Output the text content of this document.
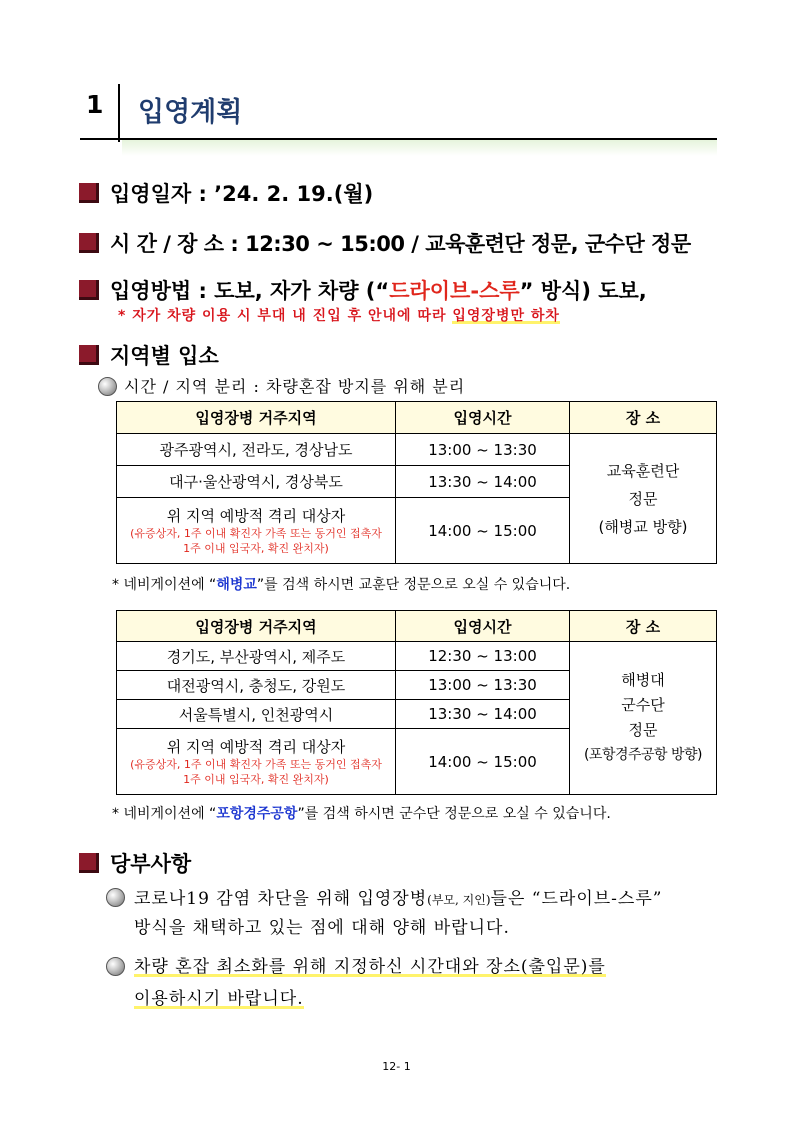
1	입영계획
입영일자 : ’24. 2. 19.(월)
시 간 / 장 소 : 12:30 ~ 15:00 / 교육훈련단 정문, 군수단 정문
입영방법 : 도보, 자가 차량 (“드라이브-스루” 방식) 도보,
* 자가 차량 이용 시 부대 내 진입 후 안내에 따라 입영장병만 하차
지역별 입소
시간 / 지역 분리 : 차량혼잡 방지를 위해 분리
입영장병 거주지역	입영시간	장 소
광주광역시, 전라도, 경상남도	13:00 ~ 13:30	교육훈련단
정문
(해병교 방향)

대구·울산광역시, 경상북도	13:30 ~ 14:00	

위 지역 예방적 격리 대상자
(유증상자, 1주 이내 확진자 가족 또는 동거인 접촉자
1주 이내 입국자, 확진 완치자)	14:00 ~ 15:00	
* 네비게이션에 “해병교”를 검색 하시면 교훈단 정문으로 오실 수 있습니다.
입영장병 거주지역	입영시간	장 소
경기도, 부산광역시, 제주도	12:30 ~ 13:00	해병대
군수단
정문
(포항경주공항 방향)

대전광역시, 충청도, 강원도	13:00 ~ 13:30	
서울특별시, 인천광역시	13:30 ~ 14:00	

위 지역 예방적 격리 대상자
(유증상자, 1주 이내 확진자 가족 또는 동거인 접촉자
1주 이내 입국자, 확진 완치자)	14:00 ~ 15:00	
* 네비게이션에 “포항경주공항”를 검색 하시면 군수단 정문으로 오실 수 있습니다.
당부사항
코로나19 감염 차단을 위해 입영장병(부모, 지인)들은 “드라이브-스루”
방식을 채택하고 있는 점에 대해 양해 바랍니다.
차량 혼잡 최소화를 위해 지정하신 시간대와 장소(출입문)를
이용하시기 바랍니다.
12- 1
